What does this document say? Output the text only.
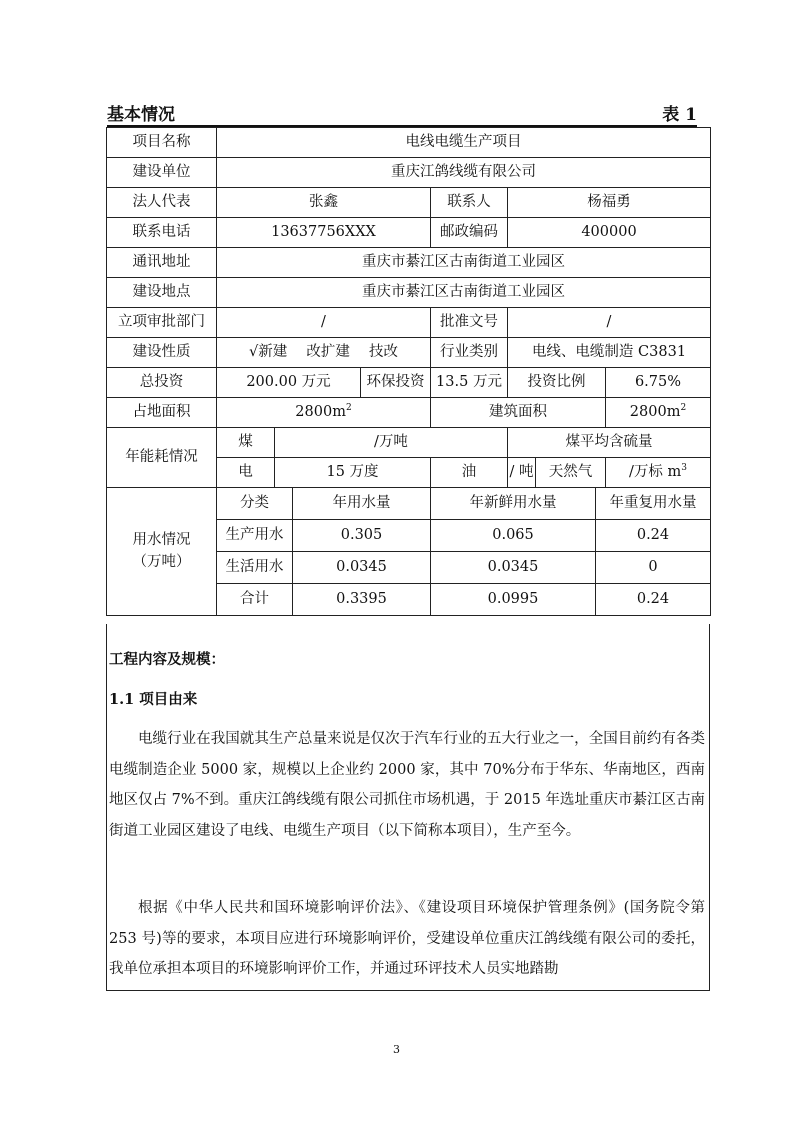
基本情况	表 1
项目名称	电线电缆生产项目								
建设单位	重庆江鸽线缆有限公司								
法人代表	张鑫				联系人	杨福勇			
联系电话	13637756XXX				邮政编码	400000			
通讯地址	重庆市綦江区古南街道工业园区								
建设地点	重庆市綦江区古南街道工业园区								
立项审批部门	/				批准文号	/			
建设性质	√新建　 改扩建　 技改				行业类别	电线、电缆制造 C3831			
总投资	200.00 万元			环保投资	13.5 万元	投资比例			6.75%
占地面积	$2800m^2$				建筑面积				$2800m^2$
年能耗情况	煤	/万吨				煤平均含硫量			
	电	15 万度			油	/ 吨	天然气		/万标 $m^3$

用水情况
（万吨）	分类		年用水量		年新鲜用水量			年重复用水量	
	生产用水		0.305		0.065			0.24	
	生活用水		0.0345		0.0345			0	
	合计		0.3395		0.0995			0.24	
工程内容及规模：
1.1 项目由来

电缆行业在我国就其生产总量来说是仅次于汽车行业的五大行业之一，全国目前约有各类电缆制造企业 5000 家，规模以上企业约 2000 家，其中 70%分布于华东、华南地区，西南地区仅占 7%不到。重庆江鸽线缆有限公司抓住市场机遇，于 2015 年选址重庆市綦江区古南街道工业园区建设了电线、电缆生产项目（以下简称本项目），生产至今。

根据《中华人民共和国环境影响评价法》、《建设项目环境保护管理条例》(国务院令第 253 号)等的要求，本项目应进行环境影响评价，受建设单位重庆江鸽线缆有限公司的委托，我单位承担本项目的环境影响评价工作，并通过环评技术人员实地踏勘

3
